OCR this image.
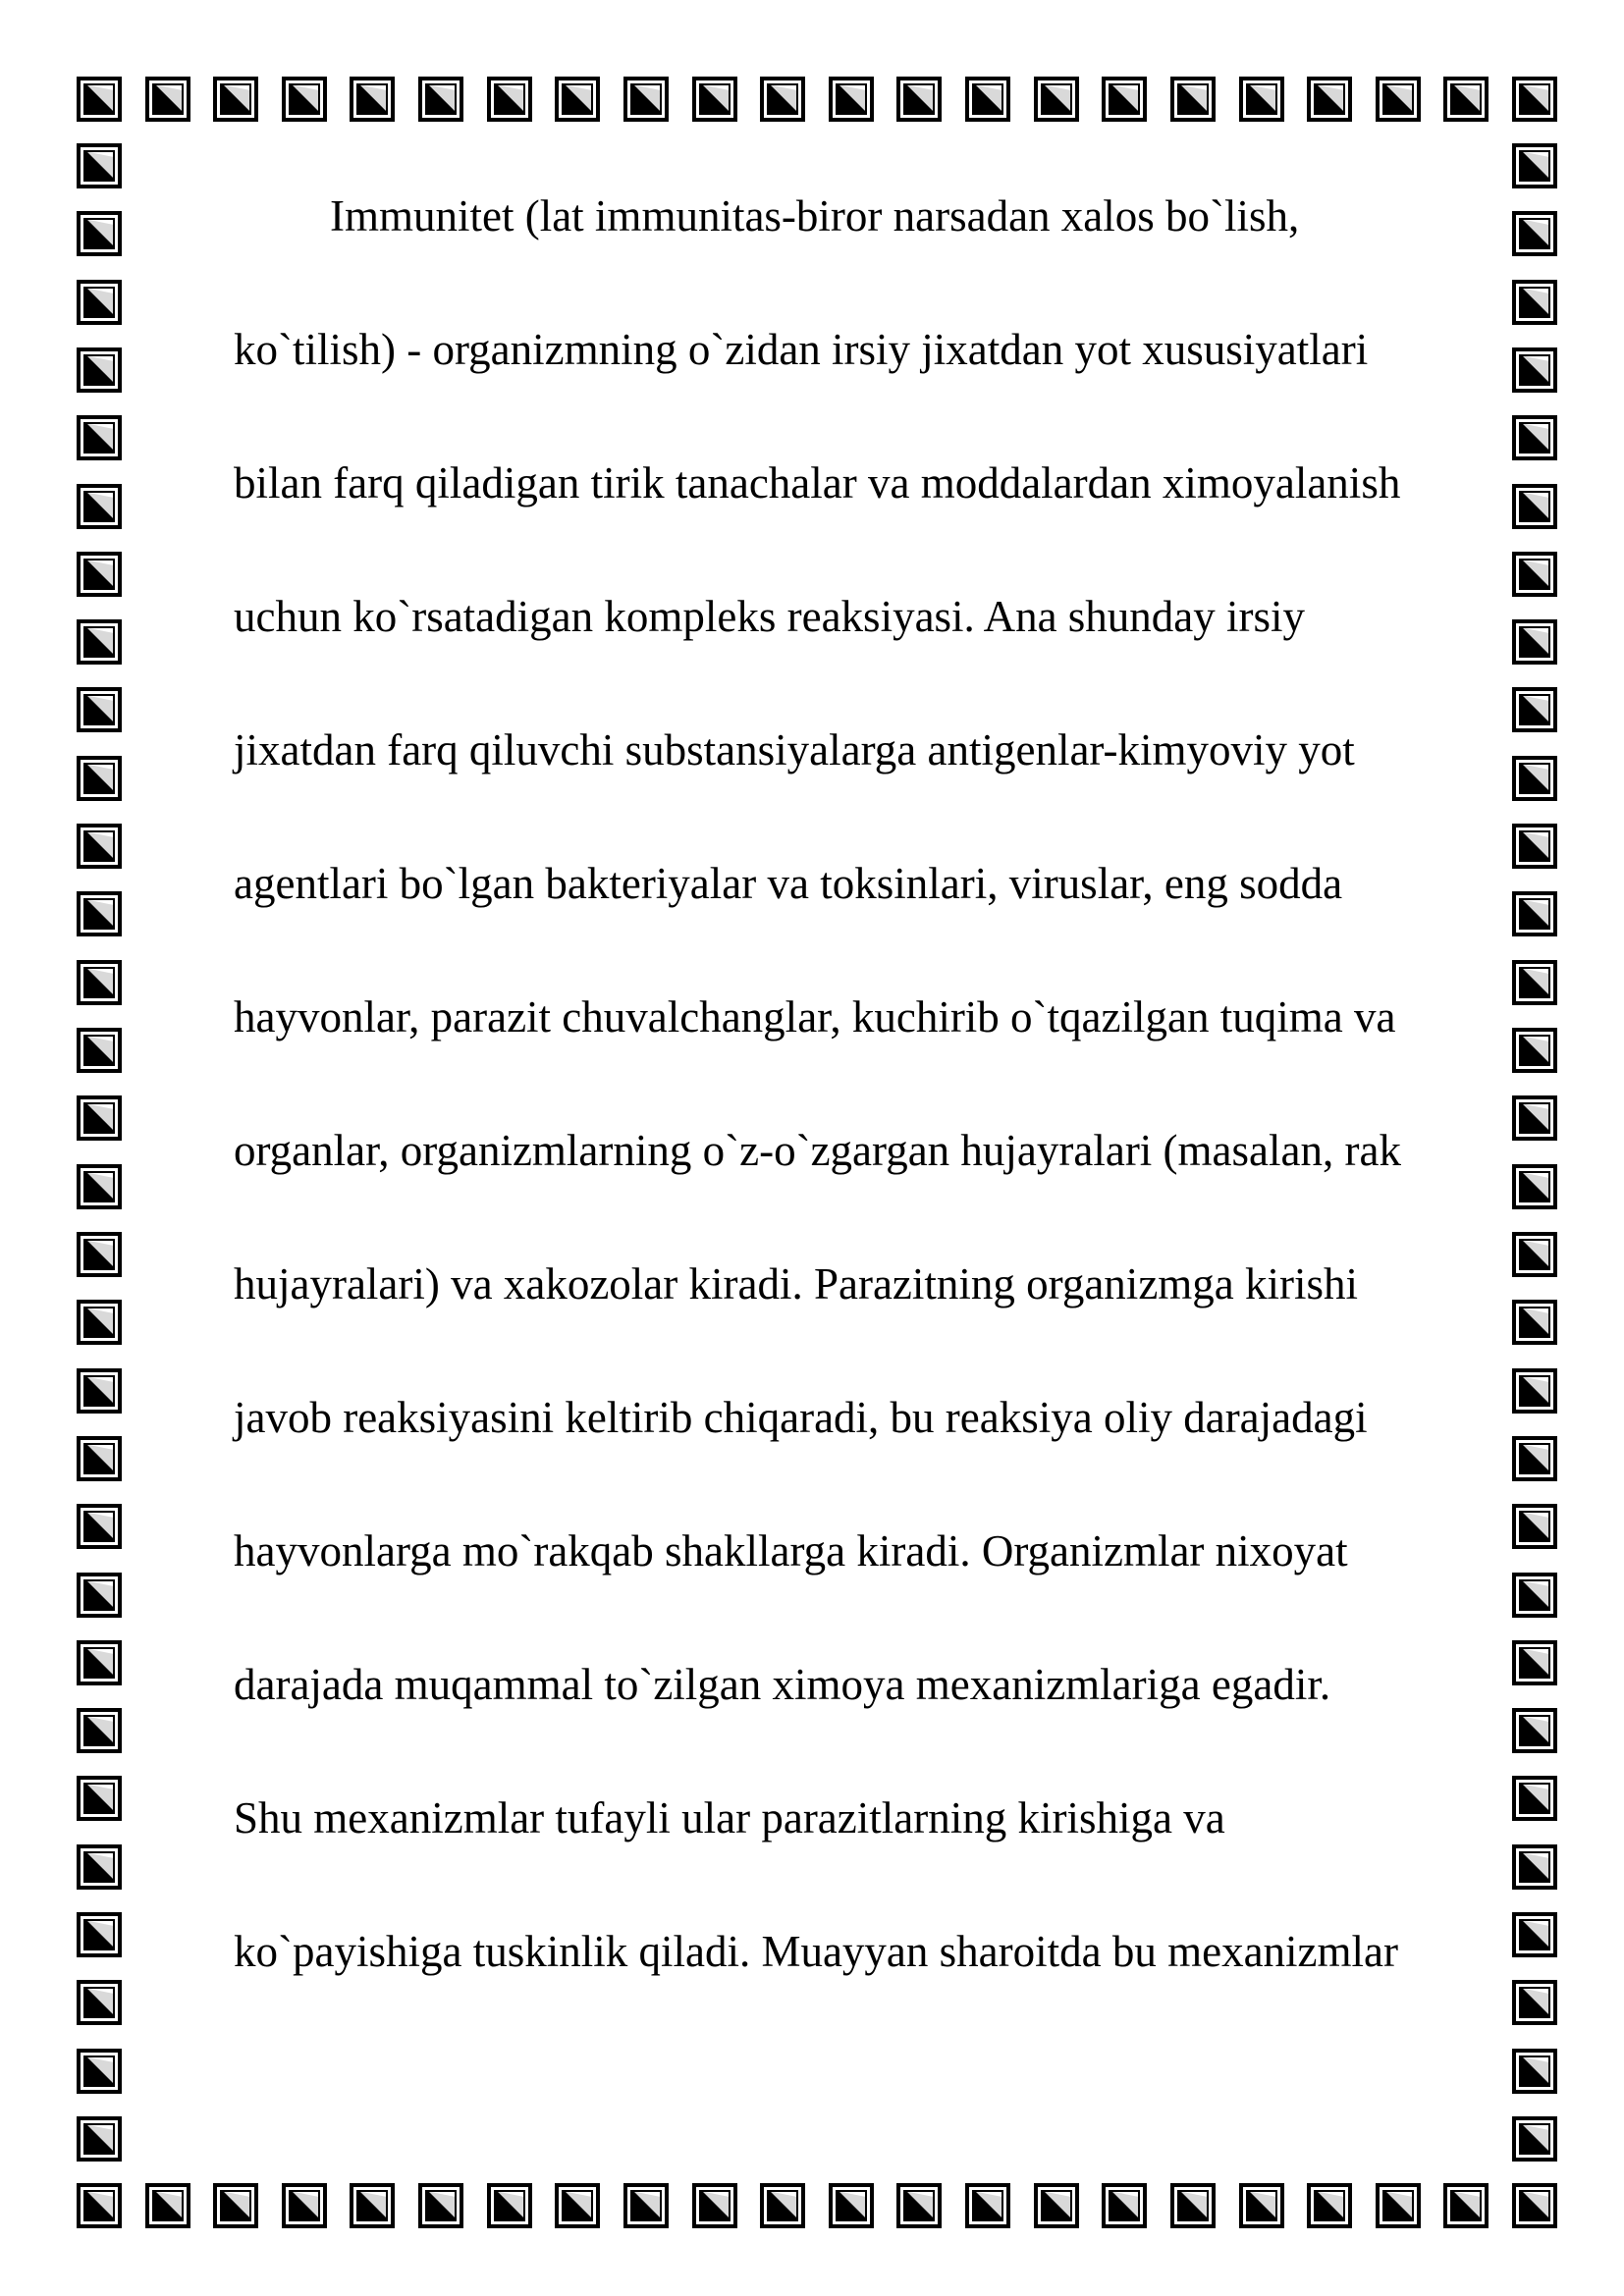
Immunitet (lat immunitas-biror narsadan xalos bo`lish,
ko`tilish) - organizmning o`zidan irsiy jixatdan yot xususiyatlari
bilan farq qiladigan tirik tanachalar va moddalardan ximoyalanish
uchun ko`rsatadigan kompleks reaksiyasi. Ana shunday irsiy
jixatdan farq qiluvchi substansiyalarga antigenlar-kimyoviy yot
agentlari bo`lgan bakteriyalar va toksinlari, viruslar, eng sodda
hayvonlar, parazit chuvalchanglar, kuchirib o`tqazilgan tuqima va
organlar, organizmlarning o`z-o`zgargan hujayralari (masalan, rak
hujayralari) va xakozolar kiradi. Parazitning organizmga kirishi
javob reaksiyasini keltirib chiqaradi, bu reaksiya oliy darajadagi
hayvonlarga mo`rakqab shakllarga kiradi. Organizmlar nixoyat
darajada muqammal to`zilgan ximoya mexanizmlariga egadir.
Shu mexanizmlar tufayli ular parazitlarning kirishiga va
ko`payishiga tuskinlik qiladi. Muayyan sharoitda bu mexanizmlar
